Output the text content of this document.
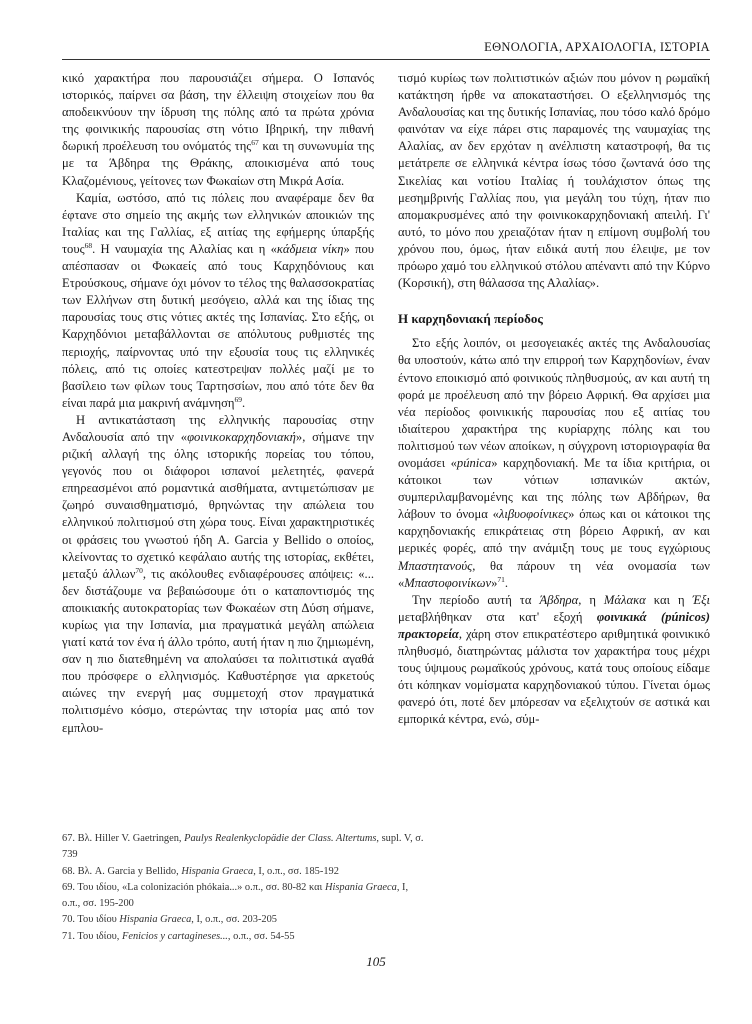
ΕΘΝΟΛΟΓΙΑ, ΑΡΧΑΙΟΛΟΓΙΑ, ΙΣΤΟΡΙΑ

κικό χαρακτήρα που παρουσιάζει σήμερα. Ο Ισπανός ιστορικός, παίρνει σα βάση, την έλλειψη στοιχείων που θα αποδεικνύουν την ίδρυση της πόλης από τα πρώτα χρόνια της φοινικικής παρουσίας στη νότιο Ιβηρική, την πιθανή δωρική προέλευση του ονόματός της$^{67}$ και τη συνωνυμία της με τα Άβδηρα της Θράκης, αποικισμένα από τους Κλαζομένιους, γείτονες των Φωκαίων στη Μικρά Ασία.

Καμία, ωστόσο, από τις πόλεις που αναφέραμε δεν θα έφτανε στο σημείο της ακμής των ελληνικών αποικιών της Ιταλίας και της Γαλλίας, εξ αιτίας της εφήμερης ύπαρξής τους$^{68}$. Η ναυμαχία της Αλαλίας και η «κάδμεια νίκη» που απέσπασαν οι Φωκαείς από τους Καρχηδόνιους και Ετρούσκους, σήμανε όχι μόνον το τέλος της θαλασσοκρατίας των Ελλήνων στη δυτική μεσόγειο, αλλά και της ίδιας της παρουσίας τους στις νότιες ακτές της Ισπανίας. Στο εξής, οι Καρχηδόνιοι μεταβάλλονται σε απόλυτους ρυθμιστές της περιοχής, παίρνοντας υπό την εξουσία τους τις ελληνικές πόλεις, από τις οποίες κατεστρεψαν πολλές μαζί με το βασίλειο των φίλων τους Ταρτησσίων, που από τότε δεν θα είναι παρά μια μακρινή ανάμνηση$^{69}$.

Η αντικατάσταση της ελληνικής παρουσίας στην Ανδαλουσία από την «φοινικοκαρχηδονιακή», σήμανε την ριζική αλλαγή της όλης ιστορικής πορείας του τόπου, γεγονός που οι διάφοροι ισπανοί μελετητές, φανερά επηρεασμένοι από ρομαντικά αισθήματα, αντιμετώπισαν με ζωηρό συναισθηματισμό, θρηνώντας την απώλεια του ελληνικού πολιτισμού στη χώρα τους. Είναι χαρακτηριστικές οι φράσεις του γνωστού ήδη A. Garcia y Bellido ο οποίος, κλείνοντας το σχετικό κεφάλαιο αυτής της ιστορίας, εκθέτει, μεταξύ άλλων$^{70}$, τις ακόλουθες ενδιαφέρουσες απόψεις: «... δεν διστάζουμε να βεβαιώσουμε ότι ο καταποντισμός της αποικιακής αυτοκρατορίας των Φωκαέων στη Δύση σήμανε, κυρίως για την Ισπανία, μια πραγματικά μεγάλη απώλεια γιατί κατά τον ένα ή άλλο τρόπο, αυτή ήταν η πιο ζημιωμένη, σαν η πιο διατεθημένη να απολαύσει τα πολιτιστικά αγαθά που πρόσφερε ο ελληνισμός. Καθυστέρησε για αρκετούς αιώνες την ενεργή μας συμμετοχή στον πραγματικά πολιτισμένο κόσμο, στερώντας την ιστορία μας από τον εμπλου-

τισμό κυρίως των πολιτιστικών αξιών που μόνον η ρωμαϊκή κατάκτηση ήρθε να αποκαταστήσει. Ο εξελληνισμός της Ανδαλουσίας και της δυτικής Ισπανίας, που τόσο καλό δρόμο φαινόταν να είχε πάρει στις παραμονές της ναυμαχίας της Αλαλίας, αν δεν ερχόταν η ανέλπιστη καταστροφή, θα τις μετάτρεπε σε ελληνικά κέντρα ίσως τόσο ζωντανά όσο της Σικελίας και νοτίου Ιταλίας ή τουλάχιστον όπως της μεσημβρινής Γαλλίας που, για μεγάλη του τύχη, ήταν πιο απομακρυσμένες από την φοινικοκαρχηδονιακή απειλή. Γι' αυτό, το μόνο που χρειαζόταν ήταν η επίμονη συμβολή του χρόνου που, όμως, ήταν ειδικά αυτή που έλειψε, με τον πρόωρο χαμό του ελληνικού στόλου απέναντι από την Κύρνο (Κορσική), στη θάλασσα της Αλαλίας».

Η καρχηδονιακή περίοδος

Στο εξής λοιπόν, οι μεσογειακές ακτές της Ανδαλουσίας θα υποστούν, κάτω από την επιρροή των Καρχηδονίων, έναν έντονο εποικισμό από φοινικούς πληθυσμούς, αν και αυτή τη φορά με προέλευση από την βόρειο Αφρική. Θα αρχίσει μια νέα περίοδος φοινικικής παρουσίας που εξ αιτίας του ιδιαίτερου χαρακτήρα της κυρίαρχης πόλης και του πολιτισμού των νέων αποίκων, η σύγχρονη ιστοριογραφία θα ονομάσει «púnica» καρχηδονιακή. Με τα ίδια κριτήρια, οι κάτοικοι των νότιων ισπανικών ακτών, συμπεριλαμβανομένης και της πόλης των Αβδήρων, θα λάβουν το όνομα «λιβυοφοίνικες» όπως και οι κάτοικοι της καρχηδονιακής επικράτειας στη βόρειο Αφρική, αν και μερικές φορές, από την ανάμιξη τους με τους εγχώριους Μπαστητανούς, θα πάρουν τη νέα ονομασία των «Μπαστοφοινίκων»$^{71}$.

Την περίοδο αυτή τα Άβδηρα, η Μάλακα και η Έξι μεταβλήθηκαν στα κατ' εξοχή φοινικικά (púnicos) πρακτορεία, χάρη στον επικρατέστερο αριθμητικά φοινικικό πληθυσμό, διατηρώντας μάλιστα τον χαρακτήρα τους μέχρι τους ύψιμους ρωμαϊκούς χρόνους, κατά τους οποίους είδαμε ότι κόπηκαν νομίσματα καρχηδονιακού τύπου. Γίνεται όμως φανερό ότι, ποτέ δεν μπόρεσαν να εξελιχτούν σε αστικά και εμπορικά κέντρα, ενώ, σύμ-

67. Βλ. Hiller V. Gaetringen, Paulys Realenkyclopädie der Class. Altertums, supl. V, σ.
739
68. Βλ. A. Garcia y Bellido, Hispania Graeca, I, ο.π., σσ. 185-192
69. Του ιδίου, «La colonización phókaia...» ο.π., σσ. 80-82 και Hispania Graeca, I,
ο.π., σσ. 195-200
70. Του ιδίου Hispania Graeca, I, ο.π., σσ. 203-205
71. Του ιδίου, Fenicios y cartagineses..., ο.π., σσ. 54-55
105
